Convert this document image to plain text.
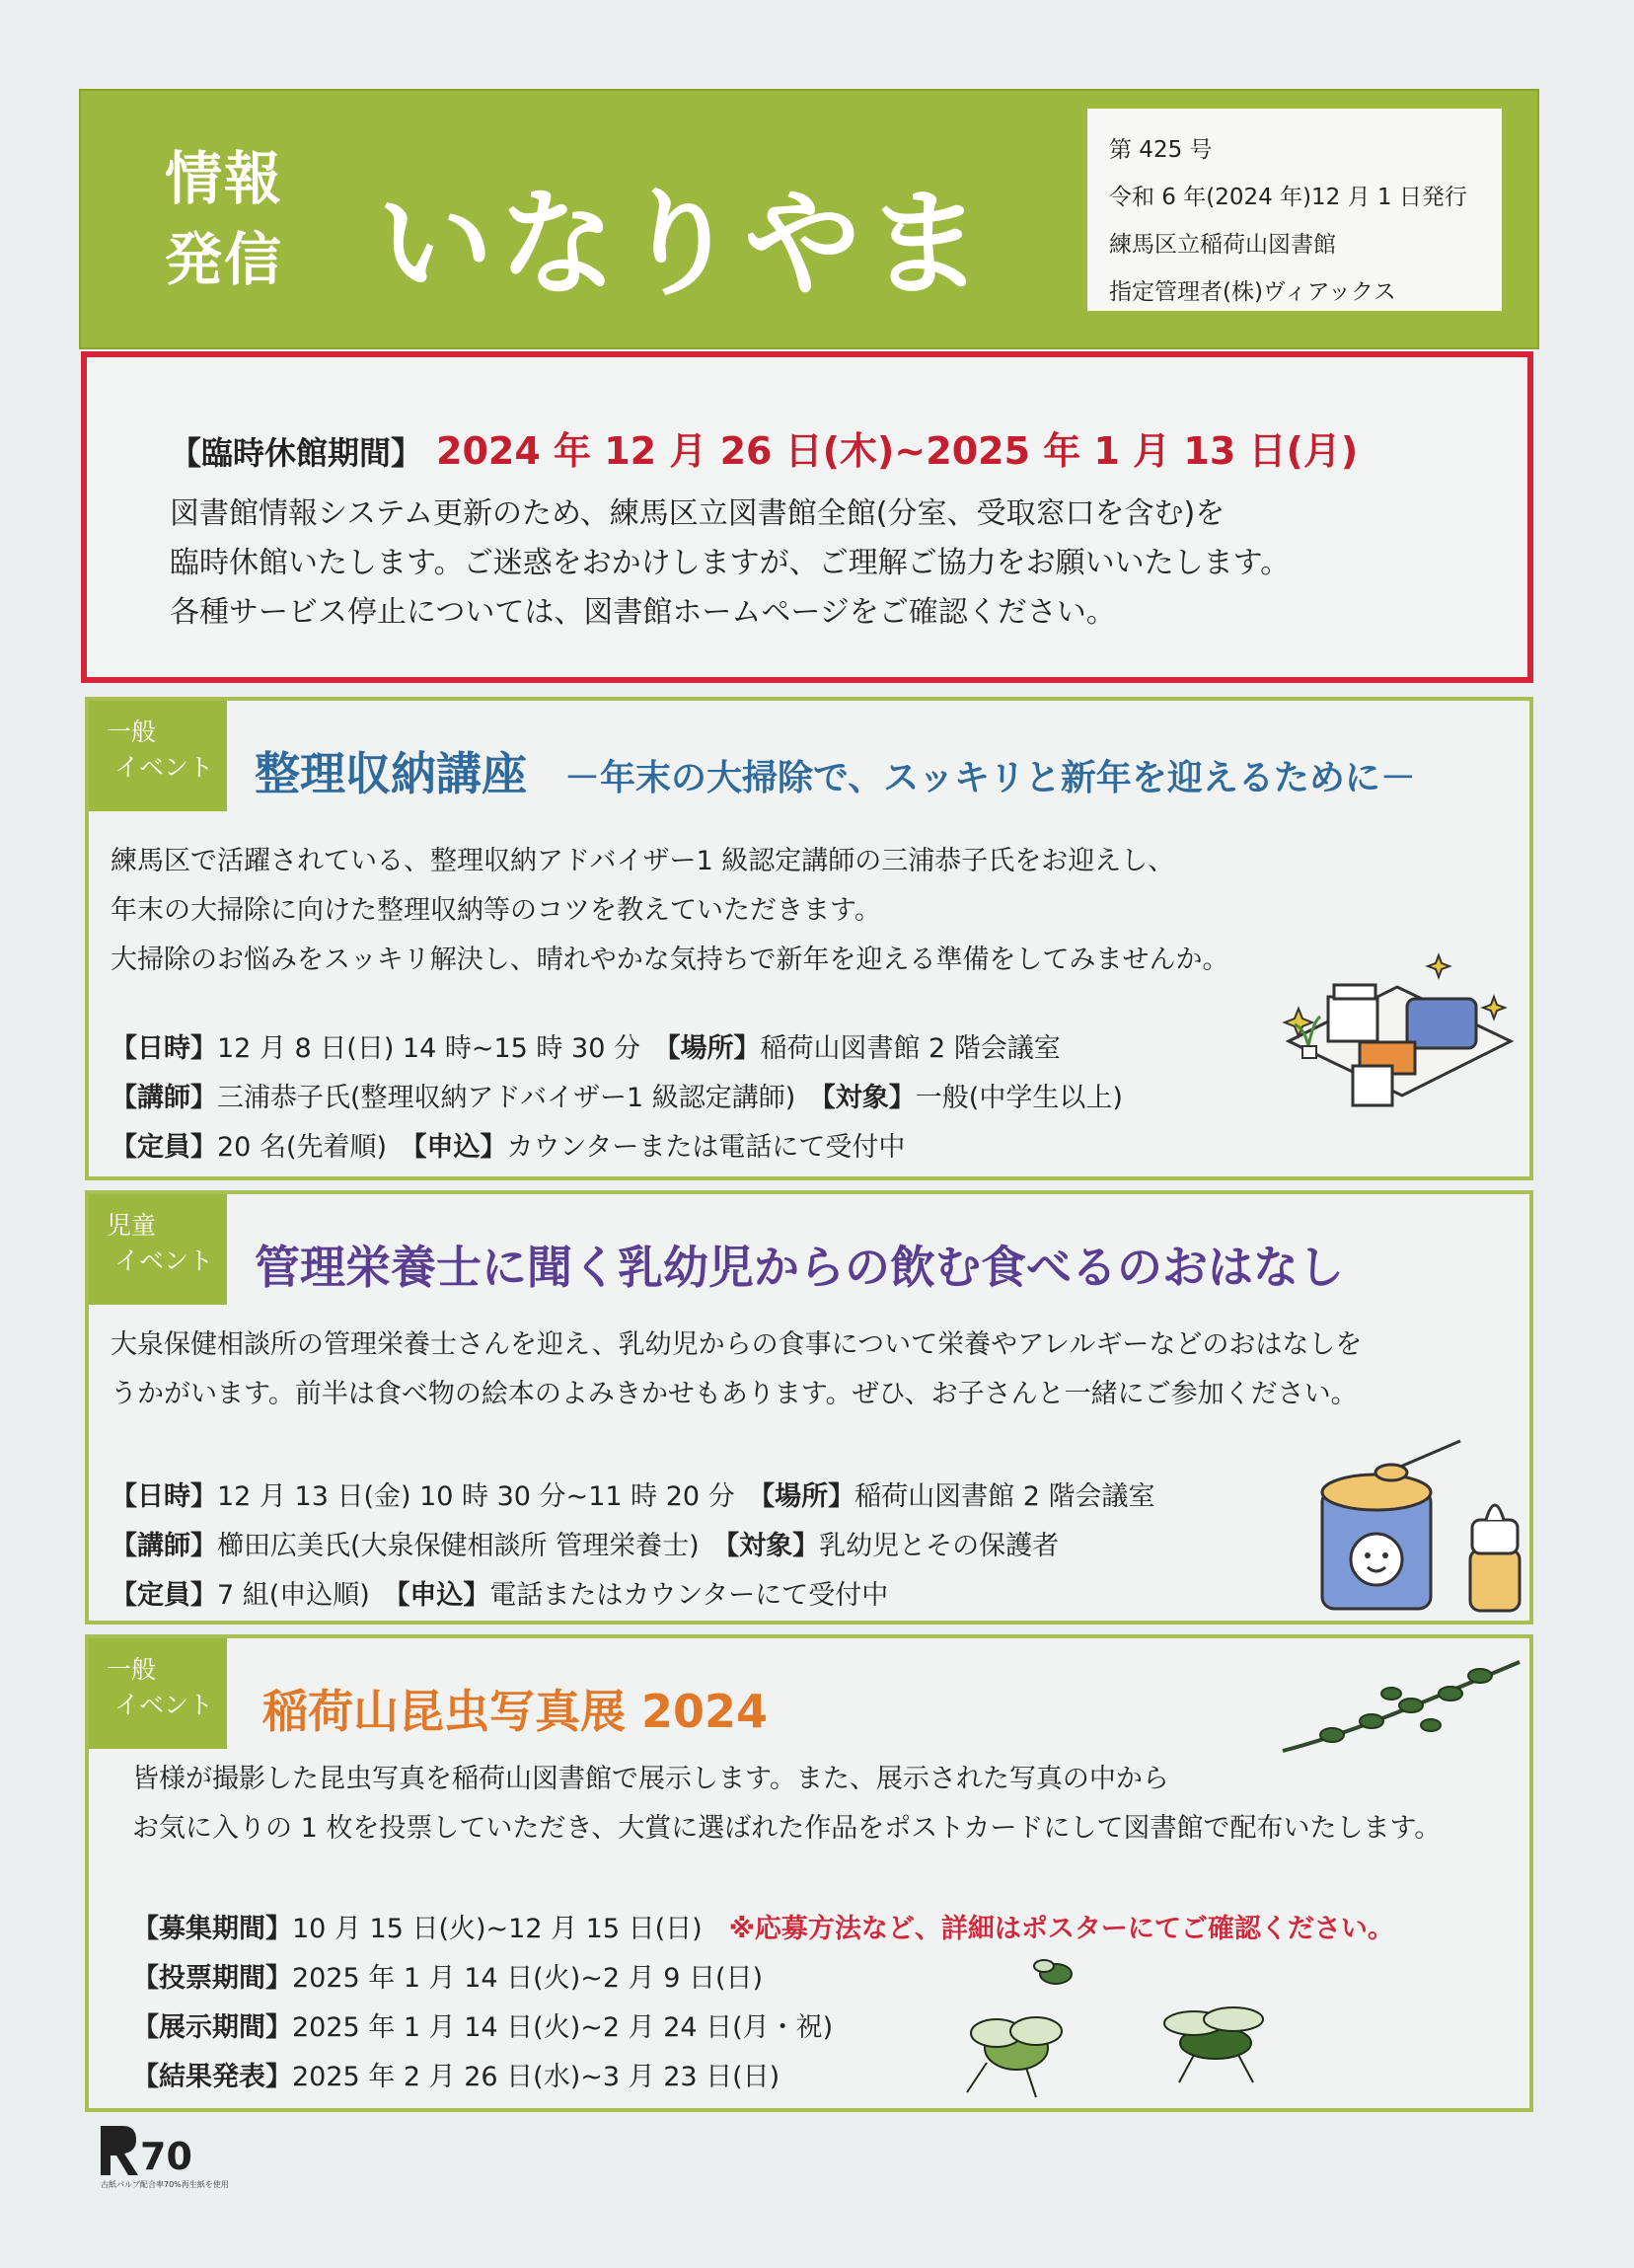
情報
発信 いなりやま
第 425 号
令和 6 年(2024 年)12 月 1 日発行
練馬区立稲荷山図書館
指定管理者(株)ヴィアックス
【臨時休館期間】 2024 年 12 月 26 日(木)~2025 年 1 月 13 日(月)
図書館情報システム更新のため、練馬区立図書館全館(分室、受取窓口を含む)を
臨時休館いたします。ご迷惑をおかけしますが、ご理解ご協力をお願いいたします。
各種サービス停止については、図書館ホームページをご確認ください。
一般
イベント 整理収納講座 －年末の大掃除で、スッキリと新年を迎えるために－
練馬区で活躍されている、整理収納アドバイザー1 級認定講師の三浦恭子氏をお迎えし、
年末の大掃除に向けた整理収納等のコツを教えていただきます。
大掃除のお悩みをスッキリ解決し、晴れやかな気持ちで新年を迎える準備をしてみませんか。
【日時】12 月 8 日(日) 14 時~15 時 30 分　 【場所】稲荷山図書館 2 階会議室
【講師】三浦恭子氏(整理収納アドバイザー1 級認定講師)　 【対象】一般(中学生以上)
【定員】20 名(先着順)　 【申込】カウンターまたは電話にて受付中
児童
イベント 管理栄養士に聞く乳幼児からの飲む食べるのおはなし
大泉保健相談所の管理栄養士さんを迎え、乳幼児からの食事について栄養やアレルギーなどのおはなしを
うかがいます。前半は食べ物の絵本のよみきかせもあります。ぜひ、お子さんと一緒にご参加ください。
【日時】12 月 13 日(金) 10 時 30 分~11 時 20 分　 【場所】稲荷山図書館 2 階会議室
【講師】櫛田広美氏(大泉保健相談所 管理栄養士)　 【対象】乳幼児とその保護者
【定員】7 組(申込順)　 【申込】電話またはカウンターにて受付中
一般
イベント	稲荷山昆虫写真展 2024
皆様が撮影した昆虫写真を稲荷山図書館で展示します。また、展示された写真の中から
お気に入りの 1 枚を投票していただき、大賞に選ばれた作品をポストカードにして図書館で配布いたします。
【募集期間】10 月 15 日(火)~12 月 15 日(日)　 ※応募方法など、詳細はポスターにてご確認ください。
【投票期間】2025 年 1 月 14 日(火)~2 月 9 日(日)
【展示期間】2025 年 1 月 14 日(火)~2 月 24 日(月・祝)
【結果発表】2025 年 2 月 26 日(水)~3 月 23 日(日)
70
古紙パルプ配合率70%再生紙を使用
